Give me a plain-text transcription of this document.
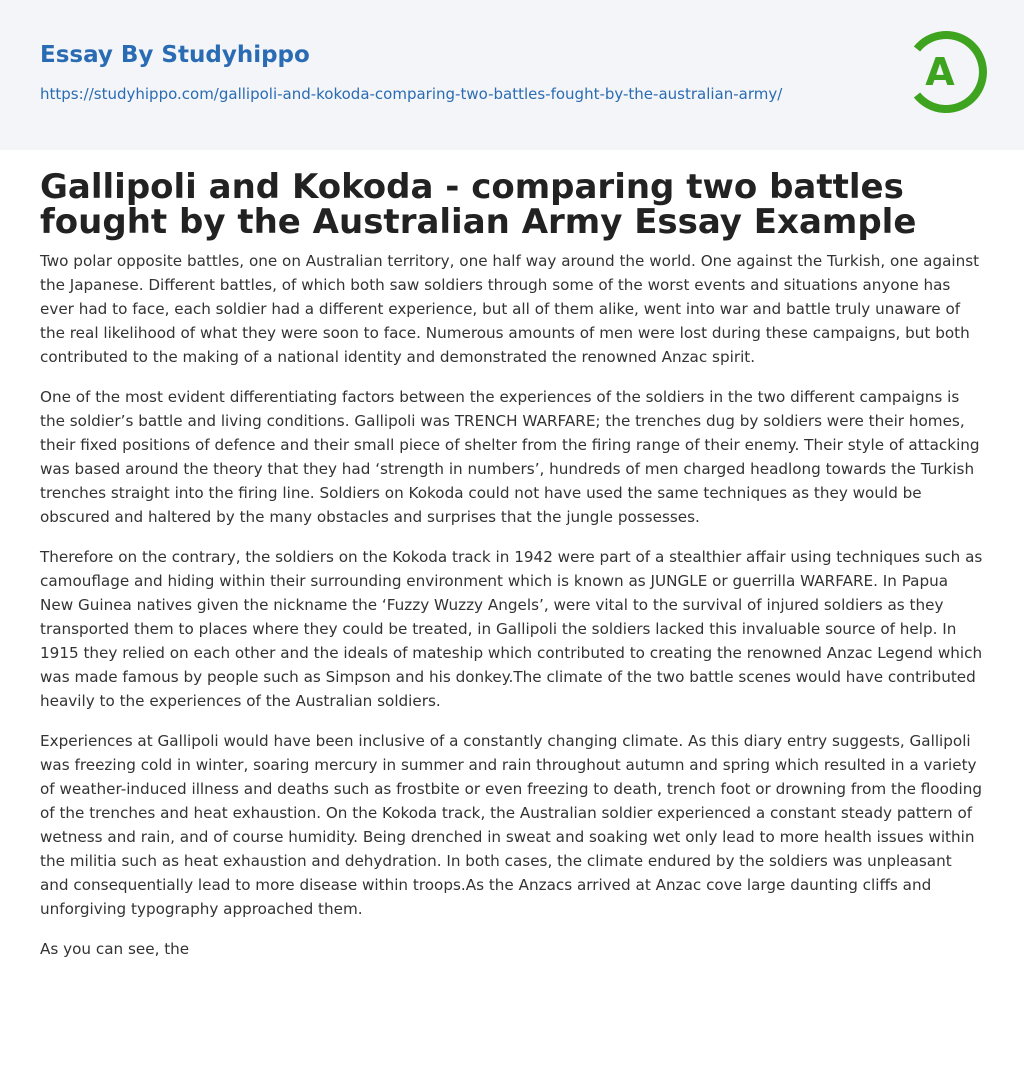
Essay By Studyhippo
https://studyhippo.com/gallipoli-and-kokoda-comparing-two-battles-fought-by-the-australian-army/	A
Gallipoli and Kokoda - comparing two battles fought by the Australian Army Essay Example

Two polar opposite battles, one on Australian territory, one half way around the world. One against the Turkish, one against the Japanese. Different battles, of which both saw soldiers through some of the worst events and situations anyone has ever had to face, each soldier had a different experience, but all of them alike, went into war and battle truly unaware of the real likelihood of what they were soon to face. Numerous amounts of men were lost during these campaigns, but both contributed to the making of a national identity and demonstrated the renowned Anzac spirit.

One of the most evident differentiating factors between the experiences of the soldiers in the two different campaigns is the soldier’s battle and living conditions. Gallipoli was TRENCH WARFARE; the trenches dug by soldiers were their homes, their fixed positions of defence and their small piece of shelter from the firing range of their enemy. Their style of attacking was based around the theory that they had ‘strength in numbers’, hundreds of men charged headlong towards the Turkish trenches straight into the firing line. Soldiers on Kokoda could not have used the same techniques as they would be obscured and haltered by the many obstacles and surprises that the jungle possesses.

Therefore on the contrary, the soldiers on the Kokoda track in 1942 were part of a stealthier affair using techniques such as camouflage and hiding within their surrounding environment which is known as JUNGLE or guerrilla WARFARE. In Papua New Guinea natives given the nickname the ‘Fuzzy Wuzzy Angels’, were vital to the survival of injured soldiers as they transported them to places where they could be treated, in Gallipoli the soldiers lacked this invaluable source of help. In 1915 they relied on each other and the ideals of mateship which contributed to creating the renowned Anzac Legend which was made famous by people such as Simpson and his donkey.The climate of the two battle scenes would have contributed heavily to the experiences of the Australian soldiers.

Experiences at Gallipoli would have been inclusive of a constantly changing climate. As this diary entry suggests, Gallipoli was freezing cold in winter, soaring mercury in summer and rain throughout autumn and spring which resulted in a variety of weather-induced illness and deaths such as frostbite or even freezing to death, trench foot or drowning from the flooding of the trenches and heat exhaustion. On the Kokoda track, the Australian soldier experienced a constant steady pattern of wetness and rain, and of course humidity. Being drenched in sweat and soaking wet only lead to more health issues within the militia such as heat exhaustion and dehydration. In both cases, the climate endured by the soldiers was unpleasant and consequentially lead to more disease within troops.As the Anzacs arrived at Anzac cove large daunting cliffs and unforgiving typography approached them.

As you can see, the
